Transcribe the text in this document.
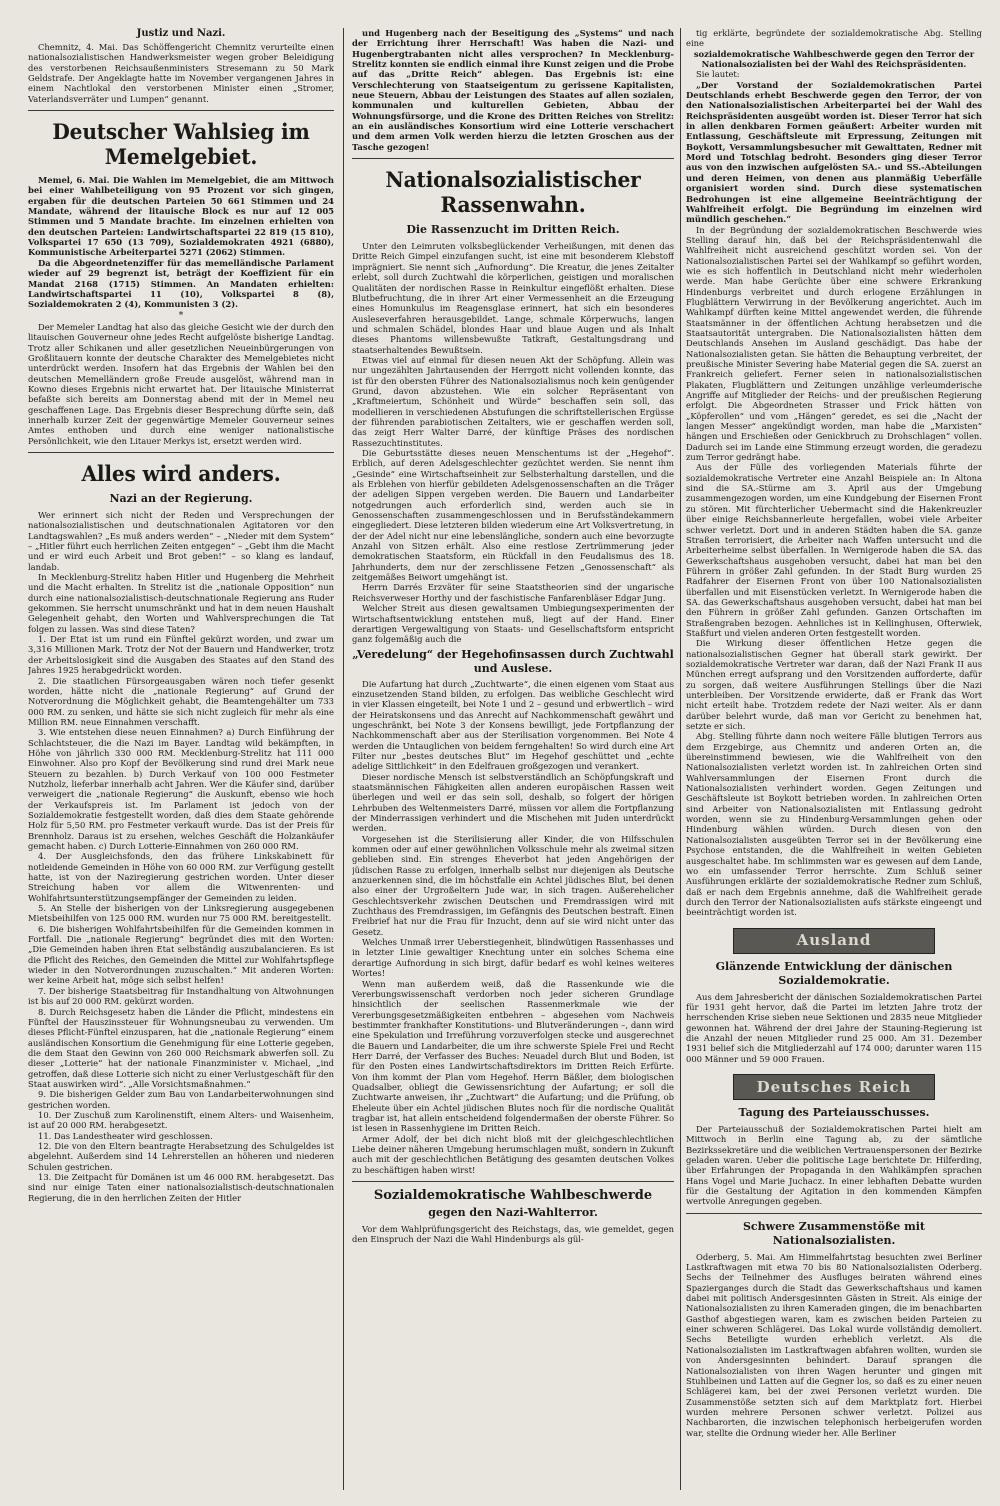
Justiz und Nazi.

Chemnitz, 4. Mai. Das Schöffengericht Chemnitz verurteilte einen nationalsozialistischen Handwerksmeister wegen grober Beleidigung des verstorbenen Reichsaußenministers Stresemann zu 50 Mark Geldstrafe. Der Angeklagte hatte im November vergangenen Jahres in einem Nachtlokal den verstorbenen Minister einen „Stromer, Vaterlandsverräter und Lumpen“ genannt.

Deutscher Wahlsieg im Memelgebiet.

Memel, 6. Mai. Die Wahlen im Memelgebiet, die am Mittwoch bei einer Wahlbeteiligung von 95 Prozent vor sich gingen, ergaben für die deutschen Parteien 50 661 Stimmen und 24 Mandate, während der litauische Block es nur auf 12 005 Stimmen und 5 Mandate brachte. Im einzelnen erhielten von den deutschen Parteien: Landwirtschaftspartei 22 819 (15 810), Volkspartei 17 650 (13 709), Sozialdemokraten 4921 (6880), Kommunistische Arbeiterpartei 5271 (2062) Stimmen.

Da die Abgeordnetenziffer für das memelländische Parlament wieder auf 29 begrenzt ist, beträgt der Koeffizient für ein Mandat 2168 (1715) Stimmen. An Mandaten erhielten: Landwirtschaftspartei 11 (10), Volkspartei 8 (8), Sozialdemokraten 2 (4), Kommunisten 3 (2).

*

Der Memeler Landtag hat also das gleiche Gesicht wie der durch den litauischen Gouverneur ohne jedes Recht aufgelöste bisherige Landtag. Trotz aller Schikanen und aller gesetzlichen Neueinbürgerungen von Großlitauern konnte der deutsche Charakter des Memelgebietes nicht unterdrückt werden. Insofern hat das Ergebnis der Wahlen bei den deutschen Memelländern große Freude ausgelöst, während man in Kowno dieses Ergebnis nicht erwartet hat. Der litauische Ministerrat befaßte sich bereits am Donnerstag abend mit der in Memel neu geschaffenen Lage. Das Ergebnis dieser Besprechung dürfte sein, daß innerhalb kurzer Zeit der gegenwärtige Memeler Gouverneur seines Amtes enthoben und durch eine weniger nationalistische Persönlichkeit, wie den Litauer Merkys ist, ersetzt werden wird.

Alles wird anders.
Nazi an der Regierung.

Wer erinnert sich nicht der Reden und Versprechungen der nationalsozialistischen und deutschnationalen Agitatoren vor den Landtagswahlen? „Es muß anders werden“ – „Nieder mit dem System“ – „Hitler führt euch herrlichen Zeiten entgegen“ – „Gebt ihm die Macht und er wird euch Arbeit und Brot geben!“ – so klang es landauf, landab.

In Mecklenburg-Strelitz haben Hitler und Hugenberg die Mehrheit und die Macht erhalten. In Strelitz ist die „nationale Opposition“ nun durch eine nationalsozialistisch-deutschnationale Regierung ans Ruder gekommen. Sie herrscht unumschränkt und hat in dem neuen Haushalt Gelegenheit gehabt, den Worten und Wahlversprechungen die Tat folgen zu lassen. Was sind diese Taten?

1. Der Etat ist um rund ein Fünftel gekürzt worden, und zwar um 3,316 Millionen Mark. Trotz der Not der Bauern und Handwerker, trotz der Arbeitslosigkeit sind die Ausgaben des Staates auf den Stand des Jahres 1925 herabgedrückt worden.

2. Die staatlichen Fürsorgeausgaben wären noch tiefer gesenkt worden, hätte nicht die „nationale Regierung“ auf Grund der Notverordnung die Möglichkeit gehabt, die Beamtengehälter um 733 000 RM. zu senken, und hätte sie sich nicht zugleich für mehr als eine Million RM. neue Einnahmen verschafft.

3. Wie entstehen diese neuen Einnahmen? a) Durch Einführung der Schlachtsteuer, die die Nazi im Bayer. Landtag wild bekämpften, in Höhe von jährlich 330 000 RM. Mecklenburg-Strelitz hat 111 000 Einwohner. Also pro Kopf der Bevölkerung sind rund drei Mark neue Steuern zu bezahlen. b) Durch Verkauf von 100 000 Festmeter Nutzholz, lieferbar innerhalb acht Jahren. Wer die Käufer sind, darüber verweigert die „nationale Regierung“ die Auskunft, ebenso wie hoch der Verkaufspreis ist. Im Parlament ist jedoch von der Sozialdemokratie festgestellt worden, daß dies dem Staate gehörende Holz für 5,50 RM. pro Festmeter verkauft wurde. Das ist der Preis für Brennholz. Daraus ist zu ersehen, welches Geschäft die Holzankäufer gemacht haben. c) Durch Lotterie-Einnahmen von 260 000 RM.

4. Der Ausgleichsfonds, den das frühere Linkskabinett für notleidende Gemeinden in Höhe von 60 000 RM. zur Verfügung gestellt hatte, ist von der Naziregierung gestrichen worden. Unter dieser Streichung haben vor allem die Witwenrenten- und Wohlfahrtsunterstützungsempfänger der Gemeinden zu leiden.

5. An Stelle der bisherigen von der Linksregierung ausgegebenen Mietsbeihilfen von 125 000 RM. wurden nur 75 000 RM. bereitgestellt.

6. Die bisherigen Wohlfahrtsbeihilfen für die Gemeinden kommen in Fortfall. Die „nationale Regierung“ begründet dies mit den Worten: „Die Gemeinden haben ihren Etat selbständig auszubalancieren. Es ist die Pflicht des Reiches, den Gemeinden die Mittel zur Wohlfahrtspflege wieder in den Notverordnungen zuzuschalten.“ Mit anderen Worten: wer keine Arbeit hat, möge sich selbst helfen!

7. Der bisherige Staatsbeitrag für Instandhaltung von Altwohnungen ist bis auf 20 000 RM. gekürzt worden.

8. Durch Reichsgesetz haben die Länder die Pflicht, mindestens ein Fünftel der Hauszinssteuer für Wohnungsneubau zu verwenden. Um dieses Pflicht-Fünftel einzusparen, hat die „nationale Regierung“ einem ausländischen Konsortium die Genehmigung für eine Lotterie gegeben, die dem Staat den Gewinn von 260 000 Reichsmark abwerfen soll. Zu dieser „Lotterie“ hat der nationale Finanzminister v. Michael, „ind getroffen, daß diese Lotterie sich nicht zu einer Verlustgeschäft für den Staat auswirken wird“. „Alle Vorsichtsmaßnahmen.“

9. Die bisherigen Gelder zum Bau von Landarbeiterwohnungen sind gestrichen worden.

10. Der Zuschuß zum Karolinenstift, einem Alters- und Waisenheim, ist auf 20 000 RM. herabgesetzt.

11. Das Landestheater wird geschlossen.

12. Die von den Eltern beantragte Herabsetzung des Schulgeldes ist abgelehnt. Außerdem sind 14 Lehrerstellen an höheren und niederen Schulen gestrichen.

13. Die Zeitpacht für Domänen ist um 46 000 RM. herabgesetzt. Das sind nur einige Taten einer nationalsozialistisch-deutschnationalen Regierung, die in den herrlichen Zeiten der Hitler

und Hugenberg nach der Beseitigung des „Systems“ und nach der Errichtung ihrer Herrschaft! Was haben die Nazi- und Hugenbergtrabanten nicht alles versprochen? In Mecklenburg-Strelitz konnten sie endlich einmal ihre Kunst zeigen und die Probe auf das „Dritte Reich“ ablegen. Das Ergebnis ist: eine Verschlechterung von Staatseigentum zu gerissene Kapitalisten, neue Steuern, Abbau der Leistungen des Staates auf allen sozialen, kommunalen und kulturellen Gebieten, Abbau der Wohnungsfürsorge, und die Krone des Dritten Reiches von Strelitz: an ein ausländisches Konsortium wird eine Lotterie verschachert und dem armen Volk werden hierzu die letzten Groschen aus der Tasche gezogen!

Nationalsozialistischer Rassenwahn.
Die Rassenzucht im Dritten Reich.

Unter den Leimruten volksbeglückender Verheißungen, mit denen das Dritte Reich Gimpel einzufangen sucht, ist eine mit besonderem Klebstoff imprägniert. Sie nennt sich „Aufnordung“. Die Kreatur, die jenes Zeitalter erlebt, soll durch Zuchtwahl die körperlichen, geistigen und moralischen Qualitäten der nordischen Rasse in Reinkultur eingeflößt erhalten. Diese Blutbefruchtung, die in ihrer Art einer Vermessenheit an die Erzeugung eines Homunkulus im Reagensglase erinnert, hat sich ein besonderes Ausleseverfahren herausgebildet. Lange, schmale Körperwuchs, langen und schmalen Schädel, blondes Haar und blaue Augen und als Inhalt dieses Phantoms willensbewußte Tatkraft, Gestaltungsdrang und staatserhaltendes Bewußtsein.

Etwas viel auf einmal für diesen neuen Akt der Schöpfung. Allein was nur ungezählten Jahrtausenden der Herrgott nicht vollenden konnte, das ist für den obersten Führer des Nationalsozialismus noch kein genügender Grund, davon abzustehen. Wie ein solcher Repräsentant von „Kraftmeiertum, Schönheit und Würde“ beschaffen sein soll, das modellieren in verschiedenen Abstufungen die schriftstellerischen Ergüsse der führenden parabiotischen Zeitalters, wie er geschaffen werden soll, das zeigt Herr Walter Darré, der künftige Präses des nordischen Rassezuchtinstitutes.

Die Geburtsstätte dieses neuen Menschentums ist der „Hegehof“. Erblich, auf deren Adelsgeschlechter gezüchtet werden. Sie nennt ihm „Gesinde“ eine Wirtschaftseinheit zur Selbsterhaltung darstellen, und die als Erblehen von hierfür gebildeten Adelsgenossenschaften an die Träger der adeligen Sippen vergeben werden. Die Bauern und Landarbeiter notgedrungen auch erforderlich sind, werden auch sie in Genossenschaften zusammengeschlossen und in Berufsständekammern eingegliedert. Diese letzteren bilden wiederum eine Art Volksvertretung, in der der Adel nicht nur eine lebenslängliche, sondern auch eine bevorzugte Anzahl von Sitzen erhält. Also eine restlose Zertrümmerung jeder demokratischen Staatsform, ein Rückfall in den Feudalismus des 18. Jahrhunderts, dem nur der zerschlissene Fetzen „Genossenschaft“ als zeitgemäßes Beiwort umgehängt ist.

Herrn Darrés Erzväter für seine Staatstheorien sind der ungarische Reichsverweser Horthy und der faschistische Fanfarenbläser Edgar Jung.

Welcher Streit aus diesen gewaltsamen Umbiegungsexperimenten der Wirtschaftsentwicklung entstehen muß, liegt auf der Hand. Einer derartigen Vergewaltigung von Staats- und Gesellschaftsform entspricht ganz folgemäßig auch die

„Veredelung“ der Hegehofinsassen durch Zuchtwahl und Auslese.

Die Aufartung hat durch „Zuchtwarte“, die einen eigenen vom Staat aus einzusetzenden Stand bilden, zu erfolgen. Das weibliche Geschlecht wird in vier Klassen eingeteilt, bei Note 1 und 2 – gesund und erbwertlich – wird der Heiratskonsens und das Anrecht auf Nachkommenschaft gewährt und ungeschränkt, bei Note 3 der Konsens bewilligt, jede Fortpflanzung der Nachkommenschaft aber aus der Sterilisation vorgenommen. Bei Note 4 werden die Untauglichen von beidem ferngehalten! So wird durch eine Art Filter nur „bestes deutsches Blut“ im Hegehof geschüttet und „echte adelige Sittlichkeit“ in den Edelfrauen großgezogen und verankert.

Dieser nordische Mensch ist selbstverständlich an Schöpfungskraft und staatsmännischen Fähigkeiten allen anderen europäischen Rassen weit überlegen und weil er das sein soll, deshalb, so folgert der hörigen Lehrbuben des Weltenmeisters Darré, müssen vor allem die Fortpflanzung der Minderrassigen verhindert und die Mischehen mit Juden unterdrückt werden.

Vorgesehen ist die Sterilisierung aller Kinder, die von Hilfsschulen kommen oder auf einer gewöhnlichen Volksschule mehr als zweimal sitzen geblieben sind. Ein strenges Eheverbot hat jeden Angehörigen der jüdischen Rasse zu erfolgen, innerhalb selbst nur diejenigen als Deutsche anzuerkennen sind, die im höchstfalle ein Achtel jüdisches Blut, bei denen also einer der Urgroßeltern Jude war, in sich tragen. Außerehelicher Geschlechtsverkehr zwischen Deutschen und Fremdrassigen wird mit Zuchthaus des Fremdrassigen, im Gefängnis des Deutschen bestraft. Einen Freibrief hat nur die Frau für Inzucht, denn auf sie wird nicht unter das Gesetz.

Welches Unmaß irrer Ueberstiegenheit, blindwütigen Rassenhasses und in letzter Linie gewaltiger Knechtung unter ein solches Schema eine derartige Aufnordung in sich birgt, dafür bedarf es wohl keines weiteres Wortes!

Wenn man außerdem weiß, daß die Rassenkunde wie die Vererbungswissenschaft verdorben noch jeder sicheren Grundlage hinsichtlich der seelischen Rassenmerkmale wie der Vererbungsgesetzmäßigkeiten entbehren – abgesehen vom Nachweis bestimmter frankhafter Konstitutions- und Blutveränderungen –, dann wird eine Spekulation und Irreführung vorzuverfolgen stecke und ausgerechnet die Bauern und Landarbeiter, die um ihre schwerste Spiele Frei und Recht Herr Darré, der Verfasser des Buches: Neuadel durch Blut und Boden, ist für den Posten eines Landwirtschaftsdirektors im Dritten Reich Erfürte. Von ihm kommt der Plan vom Hegehof. Herrn Bäßler, dem biologischen Quadsalber, obliegt die Gewissensrichtung der Aufartung; er soll die Zuchtwarte anweisen, ihr „Zuchtwart“ die Aufartung; und die Prüfung, ob Eheleute über ein Achtel jüdischen Blutes noch für die nordische Qualität tragbar ist, hat allein entscheidend folgendermaßen der oberste Führer. So ist lesen in Rassenhygiene im Dritten Reich.

Armer Adolf, der bei dich nicht bloß mit der gleichgeschlechtlichen Liebe deiner näheren Umgebung herumschlagen mußt, sondern in Zukunft auch mit der geschlechtlichen Betätigung des gesamten deutschen Volkes zu beschäftigen haben wirst!

Sozialdemokratische Wahlbeschwerde
gegen den Nazi-Wahlterror.

Vor dem Wahlprüfungsgericht des Reichstags, das, wie gemeldet, gegen den Einspruch der Nazi die Wahl Hindenburgs als gül-

tig erklärte, begründete der sozialdemokratische Abg. Stelling eine

sozialdemokratische Wahlbeschwerde gegen den Terror der Nationalsozialisten bei der Wahl des Reichspräsidenten.

Sie lautet:

„Der Vorstand der Sozialdemokratischen Partei Deutschlands erhebt Beschwerde gegen den Terror, der von den Nationalsozialistischen Arbeiterpartei bei der Wahl des Reichspräsidenten ausgeübt worden ist. Dieser Terror hat sich in allen denkbaren Formen geäußert: Arbeiter wurden mit Entlassung, Geschäftsleute mit Erpressung, Zeitungen mit Boykott, Versammlungsbesucher mit Gewalttaten, Redner mit Mord und Totschlag bedroht. Besonders ging dieser Terror aus von den inzwischen aufgelösten SA.- und SS.-Abteilungen und deren Heimen, von denen aus planmäßig Ueberfälle organisiert worden sind. Durch diese systematischen Bedrohungen ist eine allgemeine Beeinträchtigung der Wahlfreiheit erfolgt. Die Begründung im einzelnen wird mündlich geschehen.“

In der Begründung der sozialdemokratischen Beschwerde wies Stelling darauf hin, daß bei der Reichspräsidentenwahl die Wahlfreiheit nicht ausreichend geschützt worden sei. Von der Nationalsozialistischen Partei sei der Wahlkampf so geführt worden, wie es sich hoffentlich in Deutschland nicht mehr wiederholen werde. Man habe Gerüchte über eine schwere Erkrankung Hindenburgs verbreitet und durch erlogene Erzählungen in Flugblättern Verwirrung in der Bevölkerung angerichtet. Auch im Wahlkampf dürften keine Mittel angewendet werden, die führende Staatsmänner in der öffentlichen Achtung herabsetzen und die Staatsautorität untergraben. Die Nationalsozialisten hätten dem Deutschlands Ansehen im Ausland geschädigt. Das habe der Nationalsozialisten getan. Sie hätten die Behauptung verbreitet, der preußische Minister Severing habe Material gegen die SA. zuerst an Frankreich geliefert. Ferner seien in nationalsozialistischen Plakaten, Flugblättern und Zeitungen unzählige verleumderische Angriffe auf Mitglieder der Reichs- und der preußischen Regierung erfolgt. Die Abgeordneten Strasser und Frick hätten von „Köpferollen“ und vom „Hängen“ geredet, es sei die „Nacht der langen Messer“ angekündigt worden, man habe die „Marxisten“ hängen und Erschießen oder Genickbruch zu Drohschlagen“ vollen. Dadurch sei im Lande eine Stimmung erzeugt worden, die geradezu zum Terror gedrängt habe.

Aus der Fülle des vorliegenden Materials führte der sozialdemokratische Vertreter eine Anzahl Beispiele an: In Altona sind die SA.-Stürme am 3. April aus der Umgebung zusammengezogen worden, um eine Kundgebung der Eisernen Front zu stören. Mit fürchterlicher Uebermacht sind die Hakenkreuzler über einige Reichsbannerleute hergefallen, wobei viele Arbeiter schwer verletzt. Dort und in anderen Städten haben die SA. ganze Straßen terrorisiert, die Arbeiter nach Waffen untersucht und die Arbeiterheime selbst überfallen. In Wernigerode haben die SA. das Gewerkschaftshaus ausgehoben versucht, dabei hat man bei den Führern in größer Zahl gefunden. In der Stadt Burg wurden 25 Radfahrer der Eisernen Front von über 100 Nationalsozialisten überfallen und mit Eisenstücken verletzt. In Wernigerode haben die SA. das Gewerkschaftshaus ausgehoben versucht, dabei hat man bei den Führern in größer Zahl gefunden. Ganzen Ortschaften im Straßengraben bezogen. Aehnliches ist in Kellinghusen, Ofterwiek, Staßfurt und vielen anderen Orten festgestellt worden.

Die Wirkung dieser öffentlichen Hetze gegen die nationalsozialistischen Gegner hat überall stark gewirkt. Der sozialdemokratische Vertreter war daran, daß der Nazi Frank II aus München erregt aufsprang und den Vorsitzenden aufforderte, dafür zu sorgen, daß weitere Ausführungen Stellings über die Nazi unterbleiben. Der Vorsitzende erwiderte, daß er Frank das Wort nicht erteilt habe. Trotzdem redete der Nazi weiter. Als er dann darüber belehrt wurde, daß man vor Gericht zu benehmen hat, setzte er sich.

Abg. Stelling führte dann noch weitere Fälle blutigen Terrors aus dem Erzgebirge, aus Chemnitz und anderen Orten an, die übereinstimmend bewiesen, wie die Wahlfreiheit von den Nationalsozialisten verletzt worden ist. In zahlreichen Orten sind Wahlversammlungen der Eisernen Front durch die Nationalsozialisten verhindert worden. Gegen Zeitungen und Geschäftsleute ist Boykott betrieben worden. In zahlreichen Orten sind Arbeiter von Nationalsozialisten mit Entlassung gedroht worden, wenn sie zu Hindenburg-Versammlungen gehen oder Hindenburg wählen würden. Durch diesen von den Nationalsozialisten ausgeübten Terror sei in der Bevölkerung eine Psychose entstanden, die die Wahlfreiheit in weiten Gebieten ausgeschaltet habe. Im schlimmsten war es gewesen auf dem Lande, wo ein umfassender Terror herrschte. Zum Schluß seiner Ausführungen erklärte der sozialdemokratische Redner zum Schluß, daß er nach dem Ergebnis annehme, daß die Wahlfreiheit gerade durch den Terror der Nationalsozialisten aufs stärkste eingeengt und beeinträchtigt worden ist.

Ausland
Glänzende Entwicklung der dänischen Sozialdemokratie.

Aus dem Jahresbericht der dänischen Sozialdemokratischen Partei für 1931 geht hervor, daß die Partei im letzten Jahre trotz der herrschenden Krise sieben neue Sektionen und 2835 neue Mitglieder gewonnen hat. Während der drei Jahre der Stauning-Regierung ist die Anzahl der neuen Mitglieder rund 25 000. Am 31. Dezember 1931 belief sich die Mitgliederzahl auf 174 000; darunter waren 115 000 Männer und 59 000 Frauen.

Deutsches Reich
Tagung des Parteiausschusses.

Der Parteiausschuß der Sozialdemokratischen Partei hielt am Mittwoch in Berlin eine Tagung ab, zu der sämtliche Bezirkssekretäre und die weiblichen Vertrauenspersonen der Bezirke geladen waren. Ueber die politische Lage berichtete Dr. Hilferding, über Erfahrungen der Propaganda in den Wahlkämpfen sprachen Hans Vogel und Marie Juchacz. In einer lebhaften Debatte wurden für die Gestaltung der Agitation in den kommenden Kämpfen wertvolle Anregungen gegeben.

Schwere Zusammenstöße mit Nationalsozialisten.

Oderberg, 5. Mai. Am Himmelfahrtstag besuchten zwei Berliner Lastkraftwagen mit etwa 70 bis 80 Nationalsozialisten Oderberg. Sechs der Teilnehmer des Ausfluges beiraten während eines Spazierganges durch die Stadt das Gewerkschaftshaus und kamen dabei mit politisch Andersgesinnten Gästen in Streit. Als einige der Nationalsozialisten zu ihren Kameraden gingen, die im benachbarten Gasthof abgestiegen waren, kam es zwischen beiden Parteien zu einer schweren Schlägerei. Das Lokal wurde vollständig demoliert. Sechs Beteiligte wurden erheblich verletzt. Als die Nationalsozialisten im Lastkraftwagen abfahren wollten, wurden sie von Andersgesinnten behindert. Darauf sprangen die Nationalsozialisten von ihren Wagen herunter und gingen mit Stuhlbeinen und Latten auf die Gegner los, so daß es zu einer neuen Schlägerei kam, bei der zwei Personen verletzt wurden. Die Zusammenstöße setzten sich auf dem Marktplatz fort. Hierbei wurden mehrere Personen schwer verletzt. Polizei aus Nachbarorten, die inzwischen telephonisch herbeigerufen worden war, stellte die Ordnung wieder her. Alle Berliner
